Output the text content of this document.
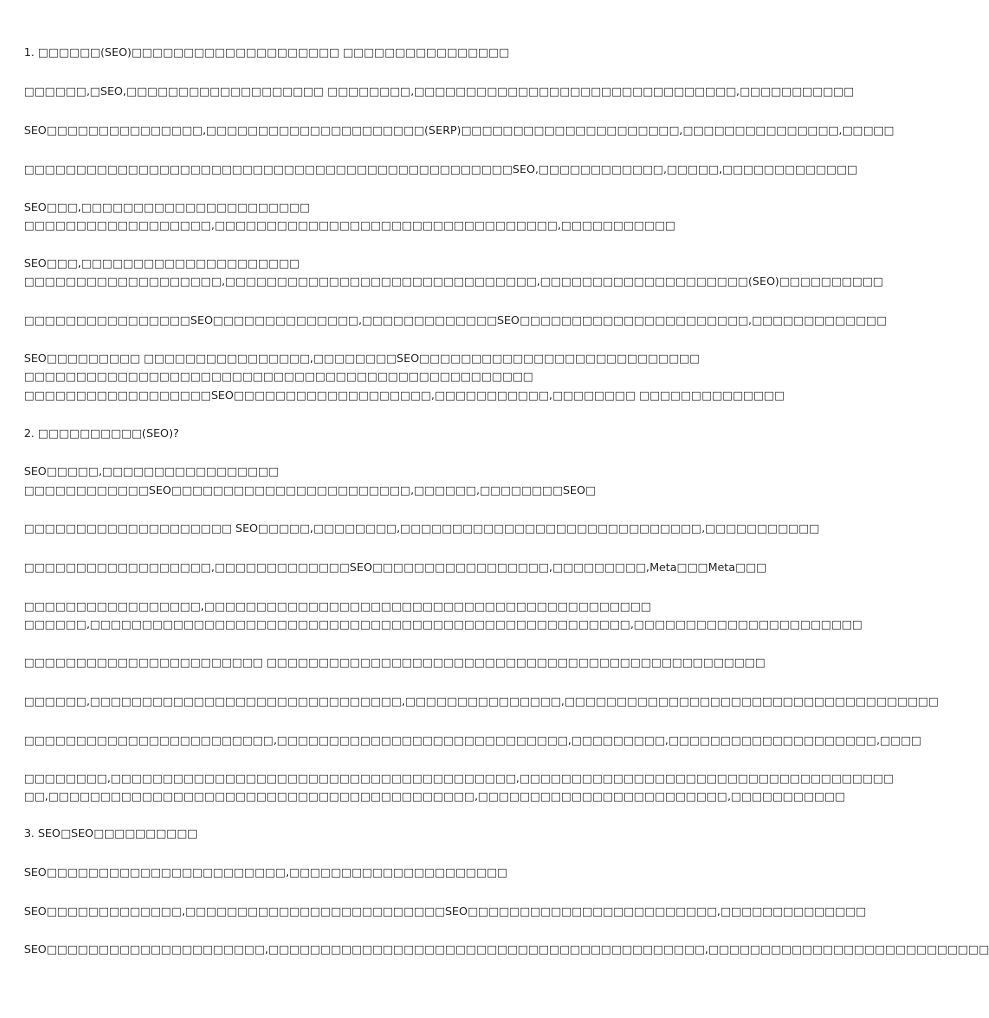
1. □□□□□□(SEO)□□□□□□□□□□□□□□□□□□□□ □□□□□□□□□□□□□□□□
□□□□□□,□SEO,□□□□□□□□□□□□□□□□□□□ □□□□□□□□,□□□□□□□□□□□□□□□□□□□□□□□□□□□□□□□,□□□□□□□□□□□
SEO□□□□□□□□□□□□□□□,□□□□□□□□□□□□□□□□□□□□□(SERP)□□□□□□□□□□□□□□□□□□□□□,□□□□□□□□□□□□□□□,□□□□□
□□□□□□□□□□□□□□□□□□□□□□□□□□□□□□□□□□□□□□□□□□□□□□□SEO,□□□□□□□□□□□□,□□□□□,□□□□□□□□□□□□□
SEO□□□,□□□□□□□□□□□□□□□□□□□□□□
□□□□□□□□□□□□□□□□□□,□□□□□□□□□□□□□□□□□□□□□□□□□□□□□□□□□,□□□□□□□□□□□
SEO□□□,□□□□□□□□□□□□□□□□□□□□□
□□□□□□□□□□□□□□□□□□□,□□□□□□□□□□□□□□□□□□□□□□□□□□□□□□,□□□□□□□□□□□□□□□□□□□□(SEO)□□□□□□□□□□
□□□□□□□□□□□□□□□□SEO□□□□□□□□□□□□□□,□□□□□□□□□□□□□SEO□□□□□□□□□□□□□□□□□□□□□□,□□□□□□□□□□□□□
SEO□□□□□□□□□ □□□□□□□□□□□□□□□□,□□□□□□□□SEO□□□□□□□□□□□□□□□□□□□□□□□□□□□
□□□□□□□□□□□□□□□□□□□□□□□□□□□□□□□□□□□□□□□□□□□□□□□□□
□□□□□□□□□□□□□□□□□□SEO□□□□□□□□□□□□□□□□□□□,□□□□□□□□□□□,□□□□□□□□ □□□□□□□□□□□□□□
2. □□□□□□□□□□(SEO)?
SEO□□□□□,□□□□□□□□□□□□□□□□□
□□□□□□□□□□□□SEO□□□□□□□□□□□□□□□□□□□□□□□,□□□□□□,□□□□□□□□SEO□
□□□□□□□□□□□□□□□□□□□□ SEO□□□□□,□□□□□□□□,□□□□□□□□□□□□□□□□□□□□□□□□□□□□□,□□□□□□□□□□□
□□□□□□□□□□□□□□□□□□,□□□□□□□□□□□□□SEO□□□□□□□□□□□□□□□□□,□□□□□□□□□,Meta□□□Meta□□□
□□□□□□□□□□□□□□□□□,□□□□□□□□□□□□□□□□□□□□□□□□□□□□□□□□□□□□□□□□□□□
□□□□□□,□□□□□□□□□□□□□□□□□□□□□□□□□□□□□□□□□□□□□□□□□□□□□□□□□□□□,□□□□□□□□□□□□□□□□□□□□□□
□□□□□□□□□□□□□□□□□□□□□□□ □□□□□□□□□□□□□□□□□□□□□□□□□□□□□□□□□□□□□□□□□□□□□□□□
□□□□□□,□□□□□□□□□□□□□□□□□□□□□□□□□□□□□□,□□□□□□□□□□□□□□□,□□□□□□□□□□□□□□□□□□□□□□□□□□□□□□□□□□□□
□□□□□□□□□□□□□□□□□□□□□□□□,□□□□□□□□□□□□□□□□□□□□□□□□□□□□,□□□□□□□□□,□□□□□□□□□□□□□□□□□□□□,□□□□
□□□□□□□□,□□□□□□□□□□□□□□□□□□□□□□□□□□□□□□□□□□□□□□□,□□□□□□□□□□□□□□□□□□□□□□□□□□□□□□□□□□□□
□□,□□□□□□□□□□□□□□□□□□□□□□□□□□□□□□□□□□□□□□□□□,□□□□□□□□□□□□□□□□□□□□□□□□,□□□□□□□□□□□
3. SEO□SEO□□□□□□□□□□
SEO□□□□□□□□□□□□□□□□□□□□□□□,□□□□□□□□□□□□□□□□□□□□□
SEO□□□□□□□□□□□□□,□□□□□□□□□□□□□□□□□□□□□□□□□SEO□□□□□□□□□□□□□□□□□□□□□□□□,□□□□□□□□□□□□□□
SEO□□□□□□□□□□□□□□□□□□□□□,□□□□□□□□□□□□□□□□□□□□□□□□□□□□□□□□□□□□□□□□□□,□□□□□□□□□□□□□□□□□□□□□□□□□□□
